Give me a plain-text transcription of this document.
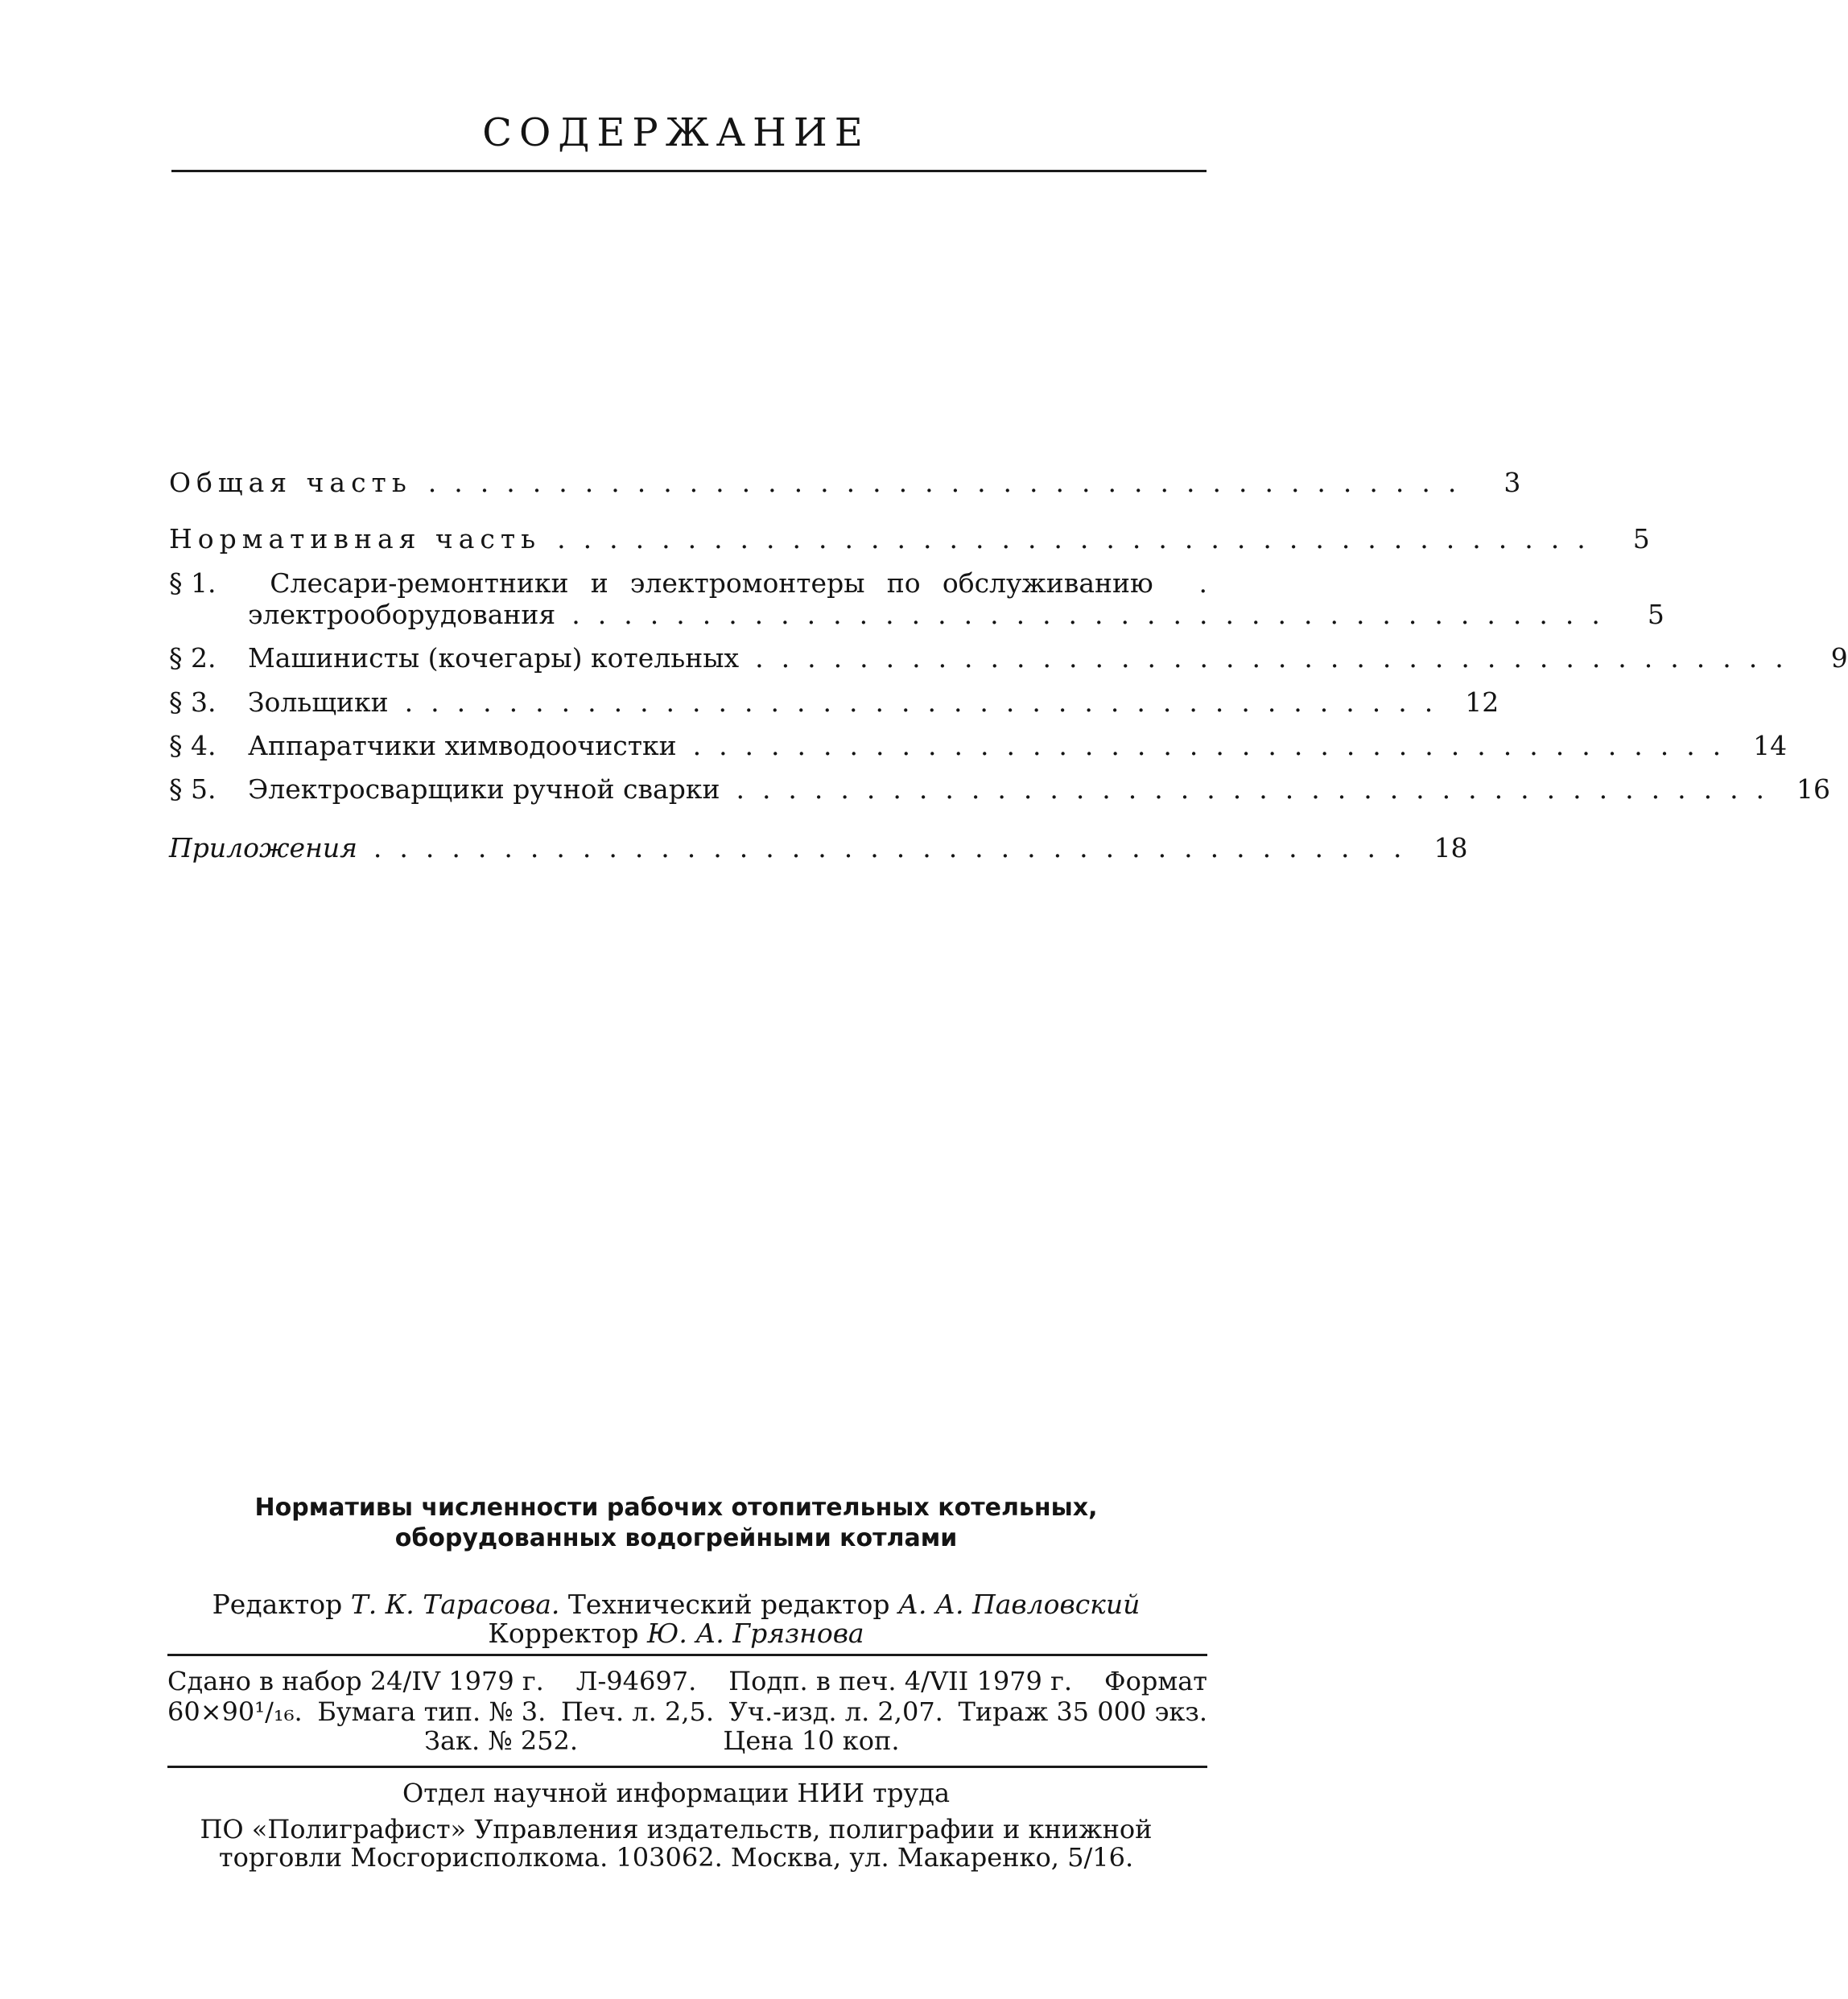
СОДЕРЖАНИЕ
Общая часть ........................................	3
Нормативная часть ........................................	5
§ 1.	Слесари-ремонтники и электромонтеры по обслуживанию	.
электрооборудования ........................................	5
§ 2.	Машинисты (кочегары) котельных ........................................	9
§ 3.	Зольщики ........................................ 12
§ 4.	Аппаратчики химводоочистки ........................................ 14
§ 5.	Электросварщики ручной сварки ........................................ 16
Приложения ........................................ 18
Нормативы численности рабочих отопительных котельных,
оборудованных водогрейными котлами
Редактор Т. К. Тарасова. Технический редактор А. А. Павловский
Корректор Ю. А. Грязнова
Сдано в набор 24/IV 1979 г. Л-94697. Подп. в печ. 4/VII 1979 г. Формат
60×90¹/₁₆. Бумага тип. № 3. Печ. л. 2,5. Уч.-изд. л. 2,07. Тираж 35 000 экз.
Зак. № 252.	Цена 10 коп.
Отдел научной информации НИИ труда
ПО «Полиграфист» Управления издательств, полиграфии и книжной
торговли Мосгорисполкома. 103062. Москва, ул. Макаренко, 5/16.
